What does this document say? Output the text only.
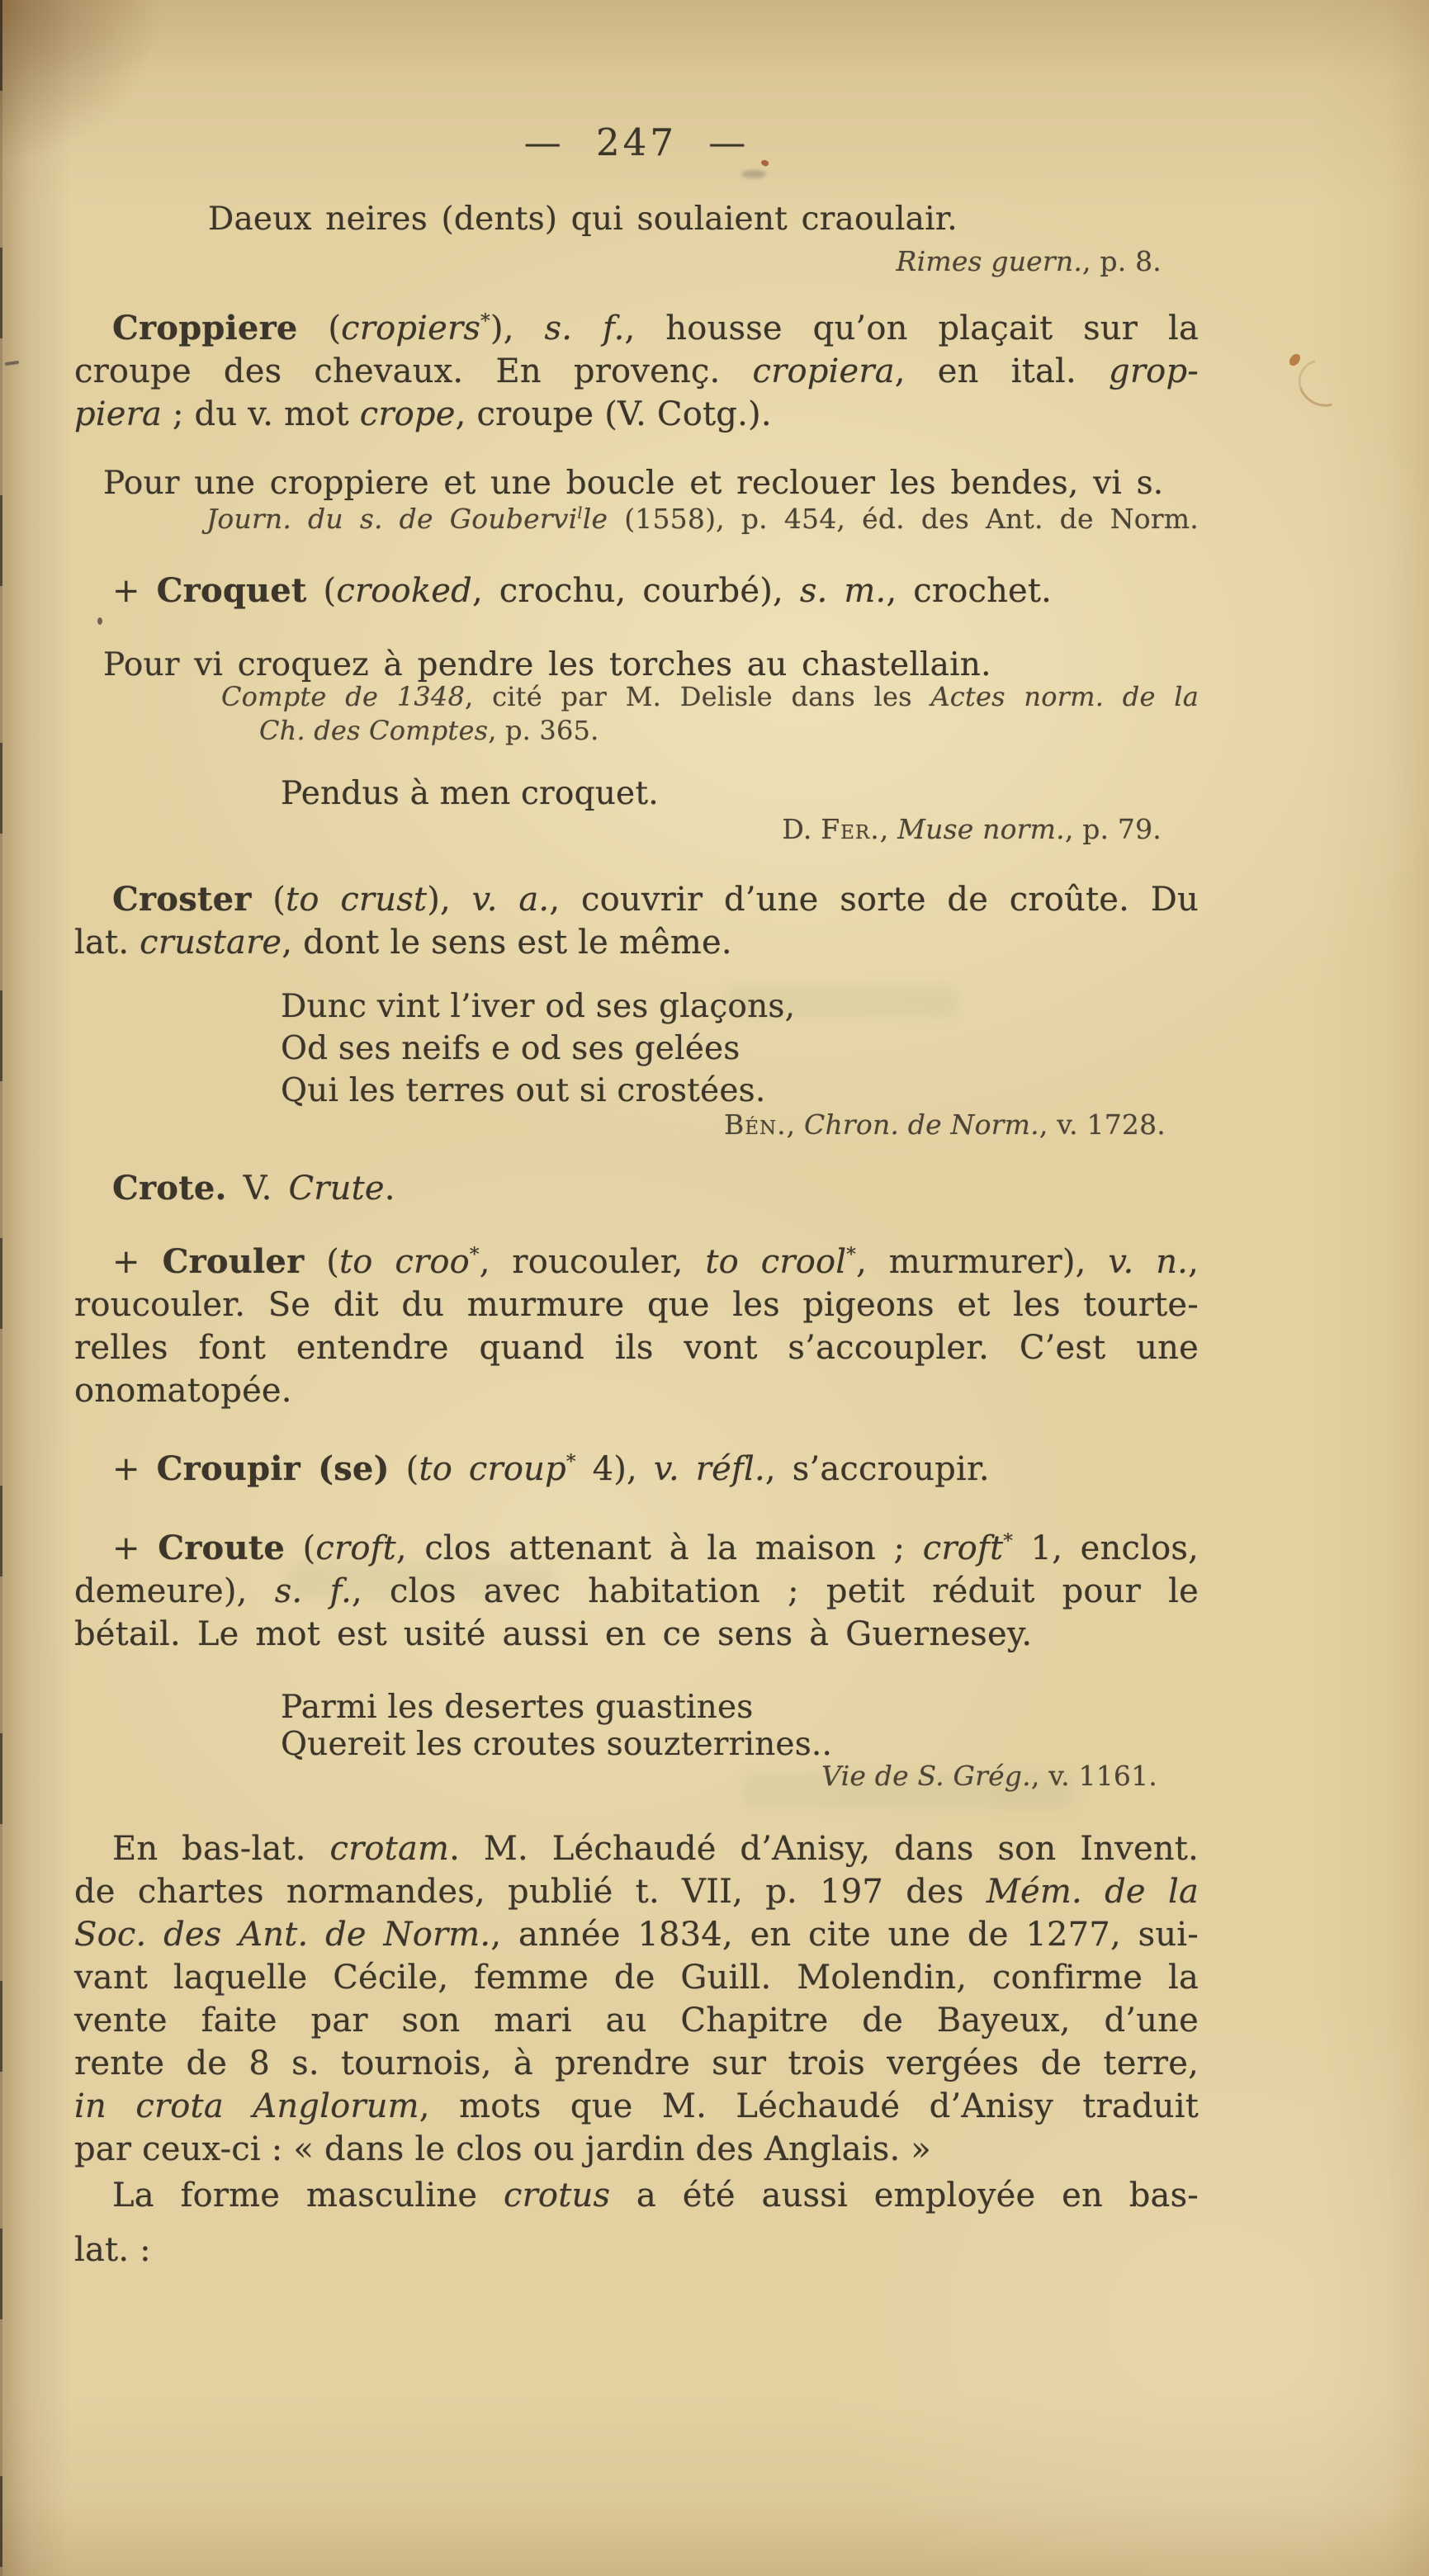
— 247 —
Daeux neires (dents) qui soulaient craoulair.
Rimes guern., p. 8.
Croppiere (cropiers*), s. f., housse qu’on plaçait sur la
croupe des chevaux. En provenç. cropiera, en ital. grop-
piera ; du v. mot crope, croupe (V. Cotg.).
Pour une croppiere et une boucle et reclouer les bendes, vi s.
Journ. du s. de Goubervi$^l$le (1558), p. 454, éd. des Ant. de Norm.
+ Croquet (crooked, crochu, courbé), s. m., crochet.
Pour vi croquez à pendre les torches au chastellain.
Compte de 1348, cité par M. Delisle dans les Actes norm. de la
Ch. des Comptes, p. 365.
Pendus à men croquet.
D. Fer., Muse norm., p. 79.
Croster (to crust), v. a., couvrir d’une sorte de croûte. Du
lat. crustare, dont le sens est le même.
Dunc vint l’iver od ses glaçons,
Od ses neifs e od ses gelées
Qui les terres out si crostées.
Bén., Chron. de Norm., v. 1728.
Crote. V. Crute.
+ Crouler (to croo*, roucouler, to crool*, murmurer), v. n.,
roucouler. Se dit du murmure que les pigeons et les tourte-
relles font entendre quand ils vont s’accoupler. C’est une
onomatopée.
+ Croupir (se) (to croup* 4), v. réfl., s’accroupir.
+ Croute (croft, clos attenant à la maison ; croft* 1, enclos,
demeure), s. f., clos avec habitation ; petit réduit pour le
bétail. Le mot est usité aussi en ce sens à Guernesey.
Parmi les desertes guastines
Quereit les croutes souzterrines..
Vie de S. Grég., v. 1161.
En bas-lat. crotam. M. Léchaudé d’Anisy, dans son Invent.
de chartes normandes, publié t. VII, p. 197 des Mém. de la
Soc. des Ant. de Norm., année 1834, en cite une de 1277, sui-
vant laquelle Cécile, femme de Guill. Molendin, confirme la
vente faite par son mari au Chapitre de Bayeux, d’une
rente de 8 s. tournois, à prendre sur trois vergées de terre,
in crota Anglorum, mots que M. Léchaudé d’Anisy traduit
par ceux-ci : « dans le clos ou jardin des Anglais. »
La forme masculine crotus a été aussi employée en bas-
lat. :
